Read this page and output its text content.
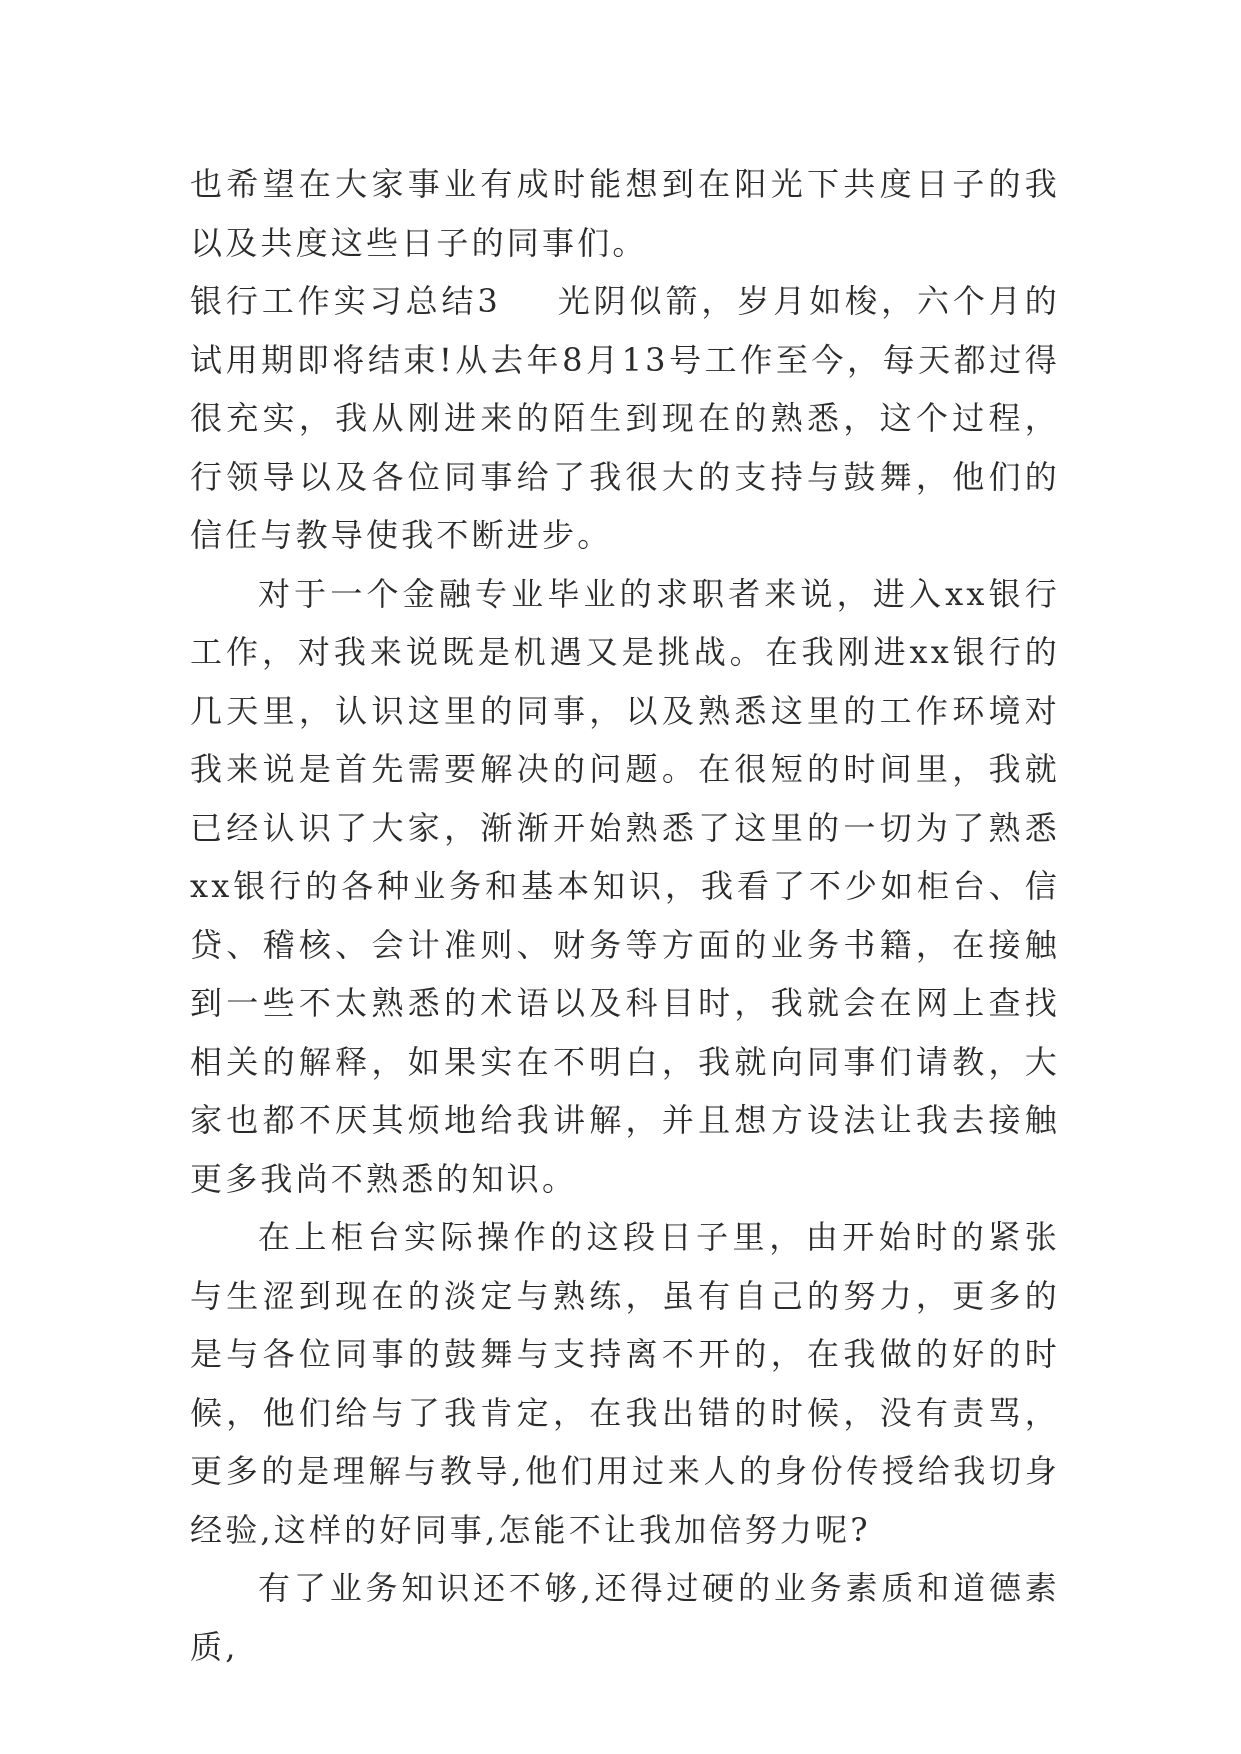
也希望在大家事业有成时能想到在阳光下共度日子的我以及共度这些日子的同事们。

银行工作实习总结3 光阴似箭，岁月如梭，六个月的试用期即将结束!从去年8月13号工作至今，每天都过得很充实，我从刚进来的陌生到现在的熟悉，这个过程，行领导以及各位同事给了我很大的支持与鼓舞，他们的信任与教导使我不断进步。

对于一个金融专业毕业的求职者来说，进入xx银行工作，对我来说既是机遇又是挑战。在我刚进xx银行的几天里，认识这里的同事，以及熟悉这里的工作环境对我来说是首先需要解决的问题。在很短的时间里，我就已经认识了大家，渐渐开始熟悉了这里的一切为了熟悉xx银行的各种业务和基本知识，我看了不少如柜台、信贷、稽核、会计准则、财务等方面的业务书籍，在接触到一些不太熟悉的术语以及科目时，我就会在网上查找相关的解释，如果实在不明白，我就向同事们请教，大家也都不厌其烦地给我讲解，并且想方设法让我去接触更多我尚不熟悉的知识。

在上柜台实际操作的这段日子里，由开始时的紧张与生涩到现在的淡定与熟练，虽有自己的努力，更多的是与各位同事的鼓舞与支持离不开的，在我做的好的时候，他们给与了我肯定，在我出错的时候，没有责骂，更多的是理解与教导,他们用过来人的身份传授给我切身经验,这样的好同事,怎能不让我加倍努力呢?

有了业务知识还不够,还得过硬的业务素质和道德素质,
